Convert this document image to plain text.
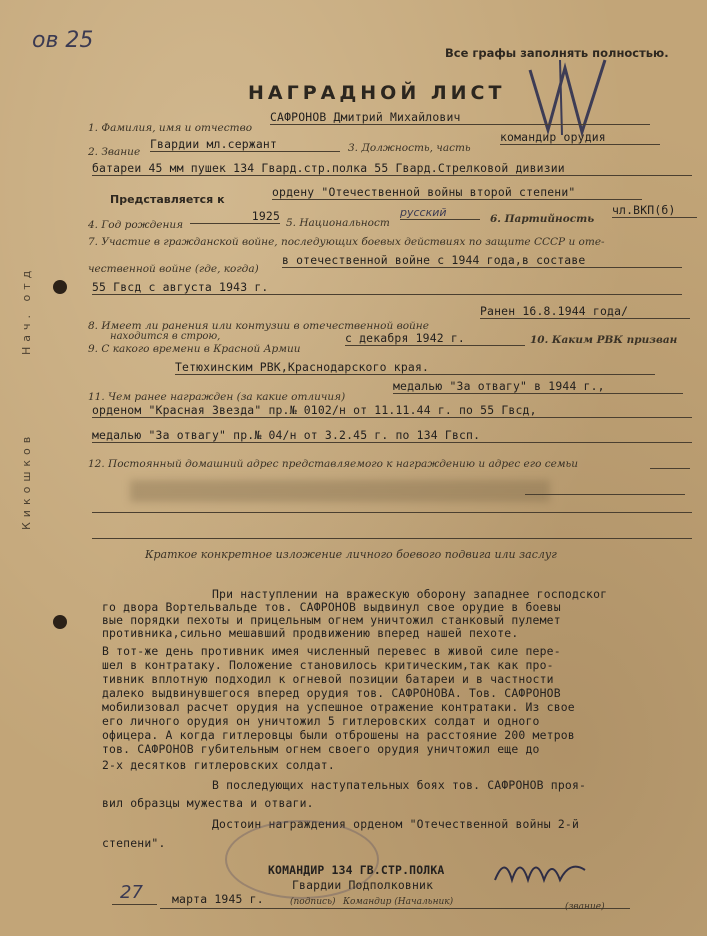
ов 25	Все графы заполнять полностью.
НАГРАДНОЙ ЛИСТ
Нач. отд
Кикошков
1. Фамилия, имя и отчество
САФРОНОВ Дмитрий Михайлович
2. Звание
Гвардии мл.сержант	3. Должность, часть
командир орудия
батареи 45 мм пушек 134 Гвард.стр.полка 55 Гвард.Стрелковой дивизии
Представляется к
ордену "Отечественной войны второй степени"
4. Год рождения
1925 5. Национальност
русский	6. Партийность
чл.ВКП(б)
7. Участие в гражданской войне, последующих боевых действиях по защите СССР и оте-
чественной войне (где, когда)
в отечественной войне с 1944 года,в составе
55 Гвсд с августа 1943 г.
8. Имеет ли ранения или контузии в отечественной войне
находится в строю,
Ранен 16.8.1944 года/
9. С какого времени в Красной Армии
с декабря 1942 г.	10. Каким РВК призван
Тетюхинским РВК,Краснодарского края.
11. Чем ранее награжден (за какие отличия)
медалью "За отвагу" в 1944 г.,
орденом "Красная Звезда" пр.№ 0102/н от 11.11.44 г. по 55 Гвсд,
медалью "За отвагу" пр.№ 04/н от 3.2.45 г. по 134 Гвсп.
12. Постоянный домашний адрес представляемого к награждению и адрес его семьи
Краткое конкретное изложение личного боевого подвига или заслуг
При наступлении на вражескую оборону западнее господског
го двора Вортельвальде тов. САФРОНОВ выдвинул свое орудие в боевы
вые порядки пехоты и прицельным огнем уничтожил станковый пулемет
противника,сильно мешавший продвижению вперед нашей пехоте.
В тот-же день противник имея численный перевес в живой силе пере-
шел в контратаку. Положение становилось критическим,так как про-
тивник вплотную подходил к огневой позиции батареи и в частности
далеко выдвинувшегося вперед орудия тов. САФРОНОВА. Тов. САФРОНОВ
мобилизовал расчет орудия на успешное отражение контратаки. Из свое
его личного орудия он уничтожил 5 гитлеровских солдат и одного
офицера. А когда гитлеровцы были отброшены на расстояние 200 метров
тов. САФРОНОВ губительным огнем своего орудия уничтожил еще до
2-х десятков гитлеровских солдат.
В последующих наступательных боях тов. САФРОНОВ проя-
вил образцы мужества и отваги.
Достоин награждения орденом "Отечественной войны 2-й
степени".
КОМАНДИР 134 ГВ.СТР.ПОЛКА
Гвардии Подполковник
27	марта 1945 г.	(подпись) Командир (Начальник)	(звание)
